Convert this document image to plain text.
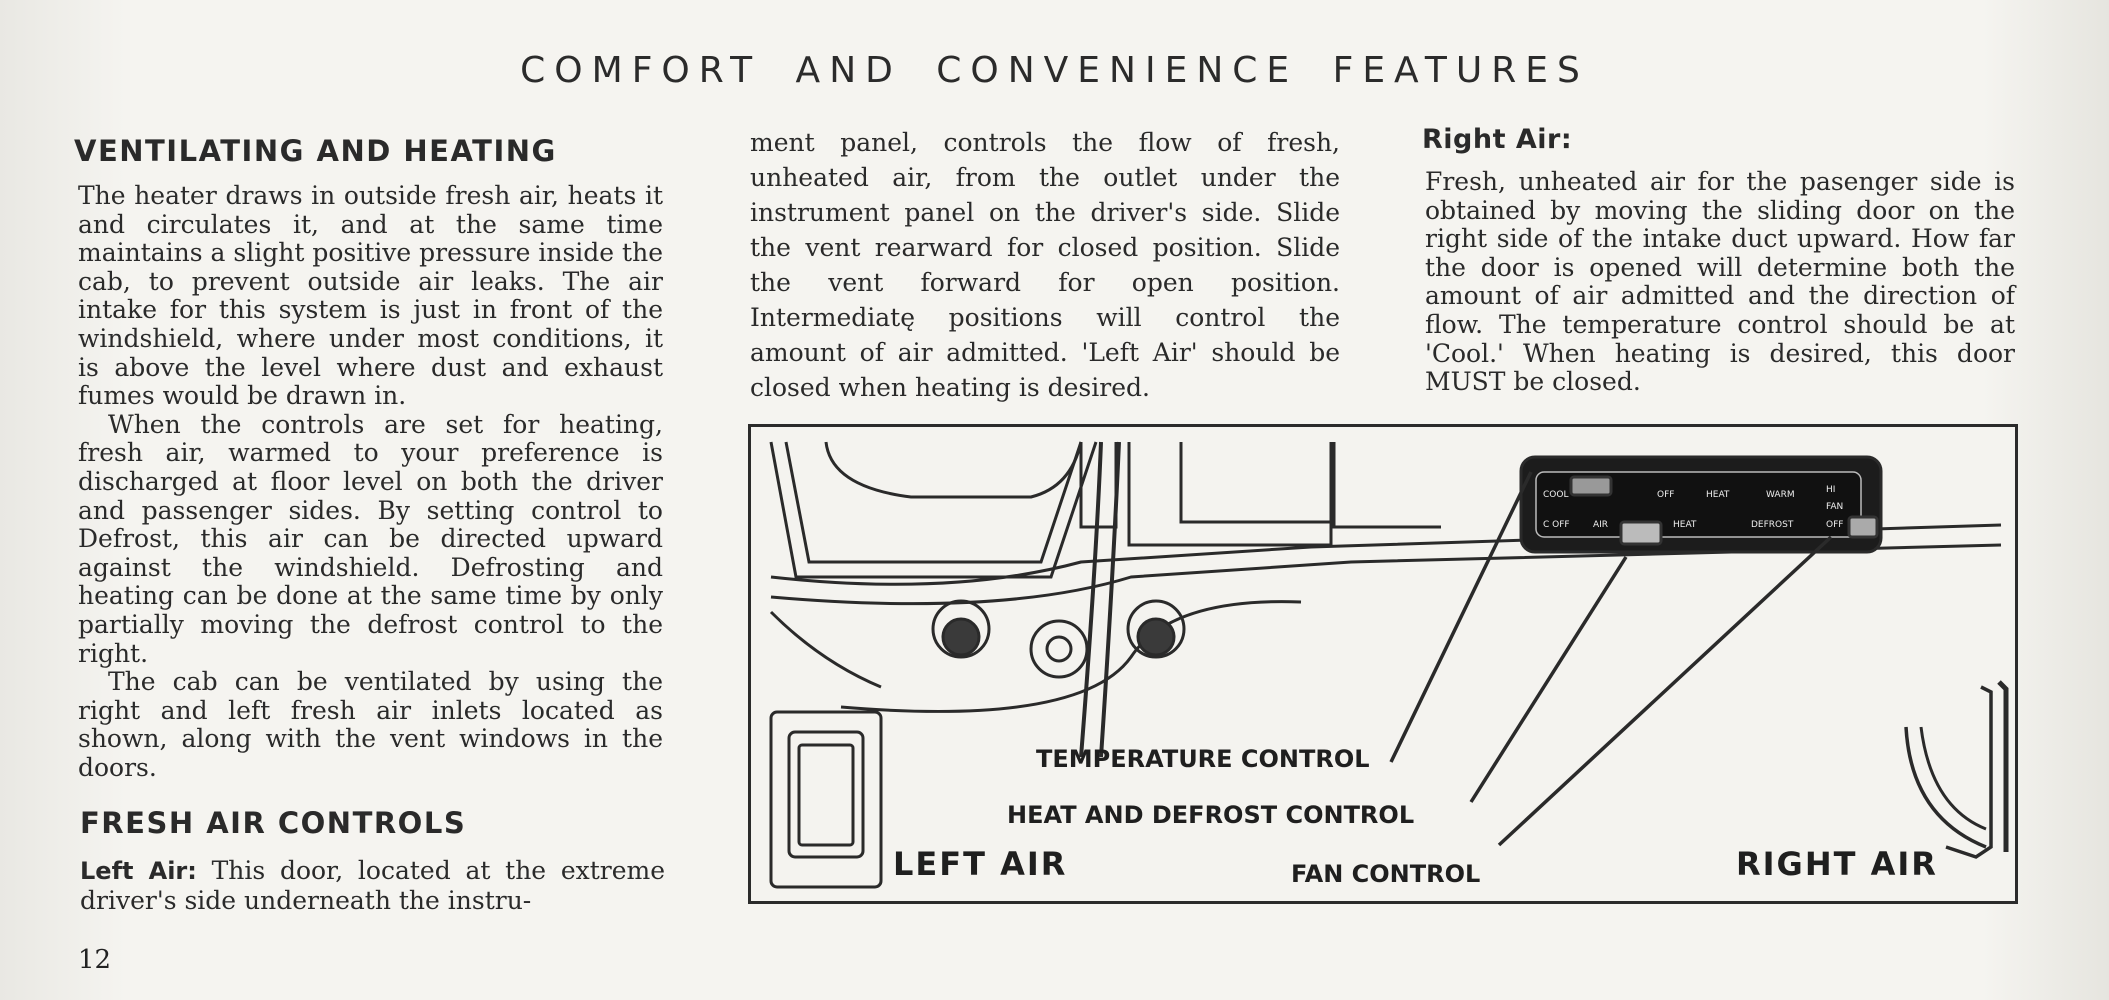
COMFORT AND CONVENIENCE FEATURES
VENTILATING AND HEATING

The heater draws in outside fresh air, heats it and circulates it, and at the same time maintains a slight positive pressure inside the cab, to prevent outside air leaks. The air intake for this system is just in front of the windshield, where under most conditions, it is above the level where dust and exhaust fumes would be drawn in.

When the controls are set for heating, fresh air, warmed to your preference is discharged at floor level on both the driver and passenger sides. By setting control to Defrost, this air can be directed upward against the windshield. Defrosting and heating can be done at the same time by only partially moving the defrost control to the right.

The cab can be ventilated by using the right and left fresh air inlets located as shown, along with the vent windows in the doors.

FRESH AIR CONTROLS
Left Air: This door, located at the extreme driver's side underneath the instru-

ment panel, controls the flow of fresh, unheated air, from the outlet under the instrument panel on the driver's side. Slide the vent rearward for closed position. Slide the vent forward for open position. Intermediatę positions will control the amount of air admitted. 'Left Air' should be closed when heating is desired.

Right Air:

Fresh, unheated air for the pasenger side is obtained by moving the sliding door on the right side of the intake duct upward. How far the door is opened will determine both the amount of air admitted and the direction of flow. The temperature control should be at 'Cool.' When heating is desired, this door MUST be closed.

COOL	OFF	HEAT	WARM
C OFF	AIR	HEAT	DEFROST
HI
FAN
OFF
TEMPERATURE CONTROL
HEAT AND DEFROST CONTROL
FAN CONTROL
LEFT AIR	RIGHT AIR
12
